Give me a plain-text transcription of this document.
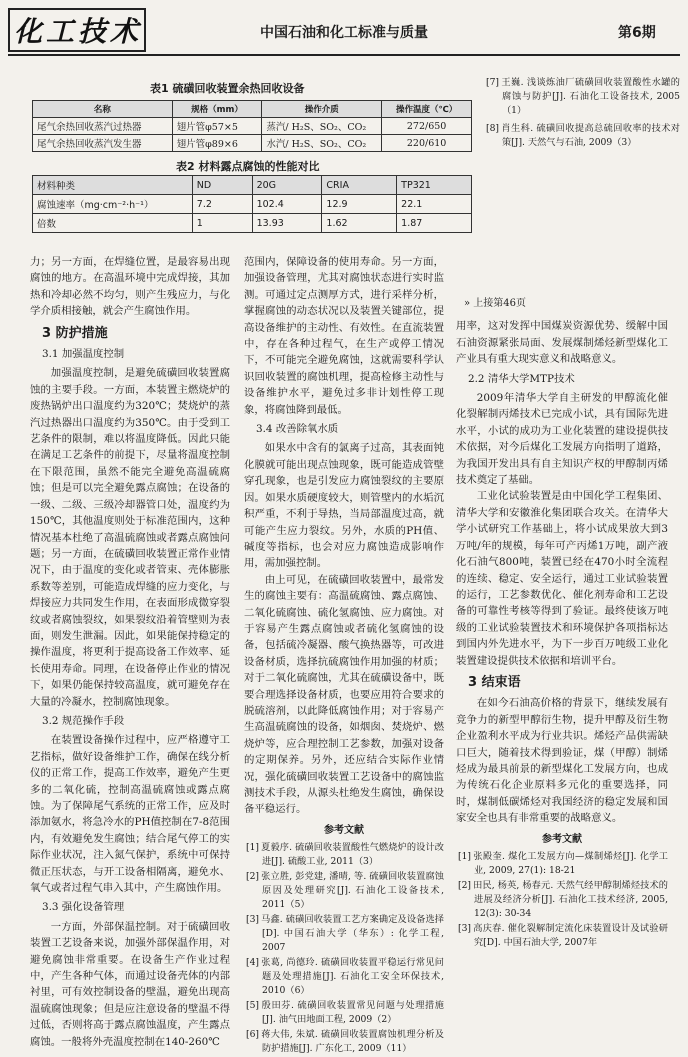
化工技术	中国石油和化工标准与质量	第6期
表1 硫磺回收装置余热回收设备
名称	规格（mm）	操作介质	操作温度（℃）
尾气余热回收蒸汽过热器	翅片管φ57×5	蒸汽/ H₂S、SO₂、CO₂	272/650
尾气余热回收蒸汽发生器	翅片管φ89×6	水汽/ H₂S、SO₂、CO₂	220/610
表2 材料露点腐蚀的性能对比
材料种类	ND	20G	CRIA	TP321
腐蚀速率（mg·cm⁻²·h⁻¹）	7.2	102.4	12.9	22.1
倍数	1	13.93	1.62	1.87

[7] 王巍. 浅谈炼油厂硫磺回收装置酸性水罐的腐蚀与防护[J]. 石油化工设备技术, 2005（1）

[8] 肖生科. 硫磺回收提高总硫回收率的技术对策[J]. 天然气与石油, 2009（3）

力；另一方面，在焊缝位置，是最容易出现腐蚀的地方。在高温环境中完成焊接，其加热和冷却必然不均匀，则产生残应力，与化学介质相接触，就会产生腐蚀作用。

3 防护措施
3.1 加强温度控制

加强温度控制，是避免硫磺回收装置腐蚀的主要手段。一方面，本装置主燃烧炉的废热锅炉出口温度约为320℃；焚烧炉的蒸汽过热器出口温度约为350℃。由于受到工艺条件的限制，难以将温度降低。因此只能在满足工艺条件的前提下，尽量将温度控制在下限范围，虽然不能完全避免高温硫腐蚀；但是可以完全避免露点腐蚀；在设备的一级、二级、三级冷却器管口处，温度约为150℃，其他温度则处于标准范围内，这种情况基本杜绝了高温硫腐蚀或者露点腐蚀问题；另一方面，在硫磺回收装置正常作业情况下，由于温度的变化或者管束、壳体膨胀系数等差别，可能造成焊缝的应力变化，与焊接应力共同发生作用，在表面形成微穿裂纹或者腐蚀裂纹，如果裂纹沿着管壁则为表面，则发生泄漏。因此，如果能保持稳定的操作温度，将更利于提高设备工作效率、延长使用寿命。同理，在设备停止作业的情况下，如果仍能保持较高温度，就可避免存在大量的冷凝水，控制腐蚀现象。

3.2 规范操作手段

在装置设备操作过程中，应严格遵守工艺指标，做好设备维护工作，确保在线分析仪的正常工作，提高工作效率，避免产生更多的二氧化硫，控制高温硫腐蚀或露点腐蚀。为了保障尾气系统的正常工作，应及时添加氨水，将急冷水的PH值控制在7-8范围内，有效避免发生腐蚀；结合尾气停工的实际作业状况，注入氮气保护，系统中可保持微正压状态，与开工设备相隔离，避免水、氧气或者过程气串入其中，产生腐蚀作用。

3.3 强化设备管理

一方面，外部保温控制。对于硫磺回收装置工艺设备来说，加强外部保温作用，对避免腐蚀非常重要。在设备生产作业过程中，产生各种气体，而通过设备壳体的内部衬里，可有效控制设备的壁温，避免出现高温硫腐蚀现象；但是应注意设备的壁温不得过低，否则将高于露点腐蚀温度，产生露点腐蚀。一般将外壳温度控制在140-260℃

范围内，保障设备的使用寿命。另一方面，加强设备管理，尤其对腐蚀状态进行实时监测。可通过定点测厚方式，进行采样分析，掌握腐蚀的动态状况以及装置关键部位，提高设备维护的主动性、有效性。在直流装置中，存在各种过程气，在生产或停工情况下，不可能完全避免腐蚀，这就需要科学认识回收装置的腐蚀机理，提高检修主动性与设备维护水平，避免过多非计划性停工现象，将腐蚀降到最低。

3.4 改善除氧水质

如果水中含有的氯离子过高，其表面钝化膜就可能出现点蚀现象，既可能造成管壁穿孔现象，也是引发应力腐蚀裂纹的主要原因。如果水质硬度较大，则管壁内的水垢沉积严重，不利于导热，当局部温度过高，就可能产生应力裂纹。另外，水质的PH值、碱度等指标，也会对应力腐蚀造成影响作用，需加强控制。

由上可见，在硫磺回收装置中，最常发生的腐蚀主要有：高温硫腐蚀、露点腐蚀、二氧化硫腐蚀、硫化氢腐蚀、应力腐蚀。对于容易产生露点腐蚀或者硫化氢腐蚀的设备，包括硫冷凝器、酸气换热器等，可改进设备材质，选择抗硫腐蚀作用加强的材质；对于二氧化硫腐蚀，尤其在硫磺设备中，既要合理选择设备材质，也要应用符合要求的脱硫溶剂，以此降低腐蚀作用；对于容易产生高温硫腐蚀的设备，如烟囱、焚烧炉、燃烧炉等，应合理控制工艺参数，加强对设备的定期保养。另外，还应结合实际作业情况，强化硫磺回收装置工艺设备中的腐蚀监测技术手段，从源头杜绝发生腐蚀，确保设备平稳运行。

参考文献

[1] 夏毅序. 硫磺回收装置酸性气燃烧炉的设计改进[J]. 硫酸工业, 2011（3）

[2] 张立胜, 彭党建, 潘晴, 等. 硫磺回收装置腐蚀原因及处理研究[J]. 石油化工设备技术, 2011（5）

[3] 马鑫. 硫磺回收装置工艺方案确定及设备选择[D]. 中国石油大学（华东）: 化学工程, 2007

[4] 张葛, 尚德玲. 硫磺回收装置平稳运行常见问题及处理措施[J]. 石油化工安全环保技术, 2010（6）

[5] 殷田芬. 硫磺回收装置常见问题与处理措施[J]. 油气田地面工程, 2009（2）

[6] 蒋大伟, 朱斌. 硫磺回收装置腐蚀机理分析及防护措施[J]. 广东化工, 2009（11）

» 上接第46页

用率，这对发挥中国煤炭资源优势、缓解中国石油资源紧张局面、发展煤制烯烃新型煤化工产业具有重大现实意义和战略意义。

2.2 清华大学MTP技术

2009年清华大学自主研发的甲醇流化催化裂解制丙烯技术已完成小试，具有国际先进水平，小试的成功为工业化装置的建设提供技术依据，对今后煤化工发展方向指明了道路，为我国开发出具有自主知识产权的甲醇制丙烯技术奠定了基础。

工业化试验装置是由中国化学工程集团、清华大学和安徽淮化集团联合攻关。在清华大学小试研究工作基础上，将小试成果放大到3万吨/年的规模，每年可产丙烯1万吨，副产液化石油气800吨，装置已经在470小时全流程的连续、稳定、安全运行，通过工业试验装置的运行，工艺参数优化、催化剂寿命和工艺设备的可靠性考核等得到了验证。最终使该万吨级的工业试验装置技术和环境保护各项指标达到国内外先进水平，为下一步百万吨级工业化装置建设提供技术依据和培训平台。

3 结束语

在如今石油高价格的背景下，继续发展有竞争力的新型甲醇衍生物，提升甲醇及衍生物企业盈利水平成为行业共识。烯烃产品供需缺口巨大，随着技术得到验证，煤（甲醇）制烯烃成为最具前景的新型煤化工发展方向，也成为传统石化企业原料多元化的重要选择，同时，煤制低碳烯烃对我国经济的稳定发展和国家安全也具有非常重要的战略意义。

参考文献

[1] 张殿奎. 煤化工发展方向—煤制烯烃[J]. 化学工业, 2009, 27(1): 18-21

[2] 田民, 杨英, 杨春元. 天然气经甲醇制烯烃技术的进展及经济分析[J]. 石油化工技术经济, 2005, 12(3): 30-34

[3] 高庆春. 催化裂解制定流化床装置设计及试验研究[D]. 中国石油大学, 2007年
